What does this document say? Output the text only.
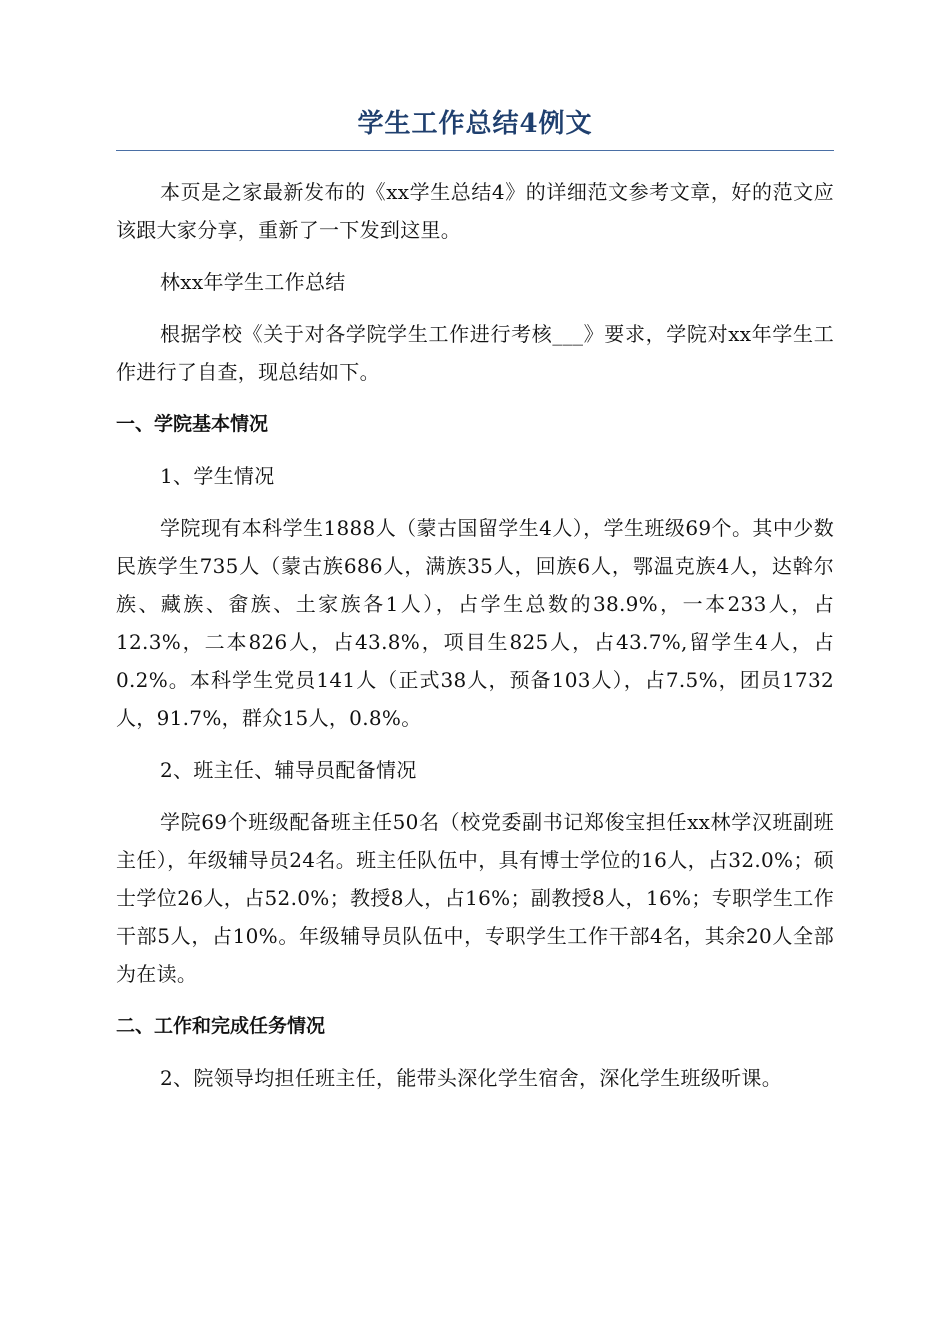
学生工作总结4例文

本页是之家最新发布的《xx学生总结4》的详细范文参考文章，好的范文应该跟大家分享，重新了一下发到这里。

林xx年学生工作总结

根据学校《关于对各学院学生工作进行考核___》要求，学院对xx年学生工作进行了自查，现总结如下。

一、学院基本情况

1、学生情况

学院现有本科学生1888人（蒙古国留学生4人），学生班级69个。其中少数民族学生735人（蒙古族686人，满族35人，回族6人，鄂温克族4人，达斡尔族、藏族、畲族、土家族各1人），占学生总数的38.9%，一本233人，占12.3%，二本826人，占43.8%，项目生825人，占43.7%,留学生4人，占0.2%。本科学生党员141人（正式38人，预备103人），占7.5%，团员1732人，91.7%，群众15人，0.8%。

2、班主任、辅导员配备情况

学院69个班级配备班主任50名（校党委副书记郑俊宝担任xx林学汉班副班主任），年级辅导员24名。班主任队伍中，具有博士学位的16人，占32.0%；硕士学位26人，占52.0%；教授8人，占16%；副教授8人，16%；专职学生工作干部5人，占10%。年级辅导员队伍中，专职学生工作干部4名，其余20人全部为在读。

二、工作和完成任务情况

2、院领导均担任班主任，能带头深化学生宿舍，深化学生班级听课。
